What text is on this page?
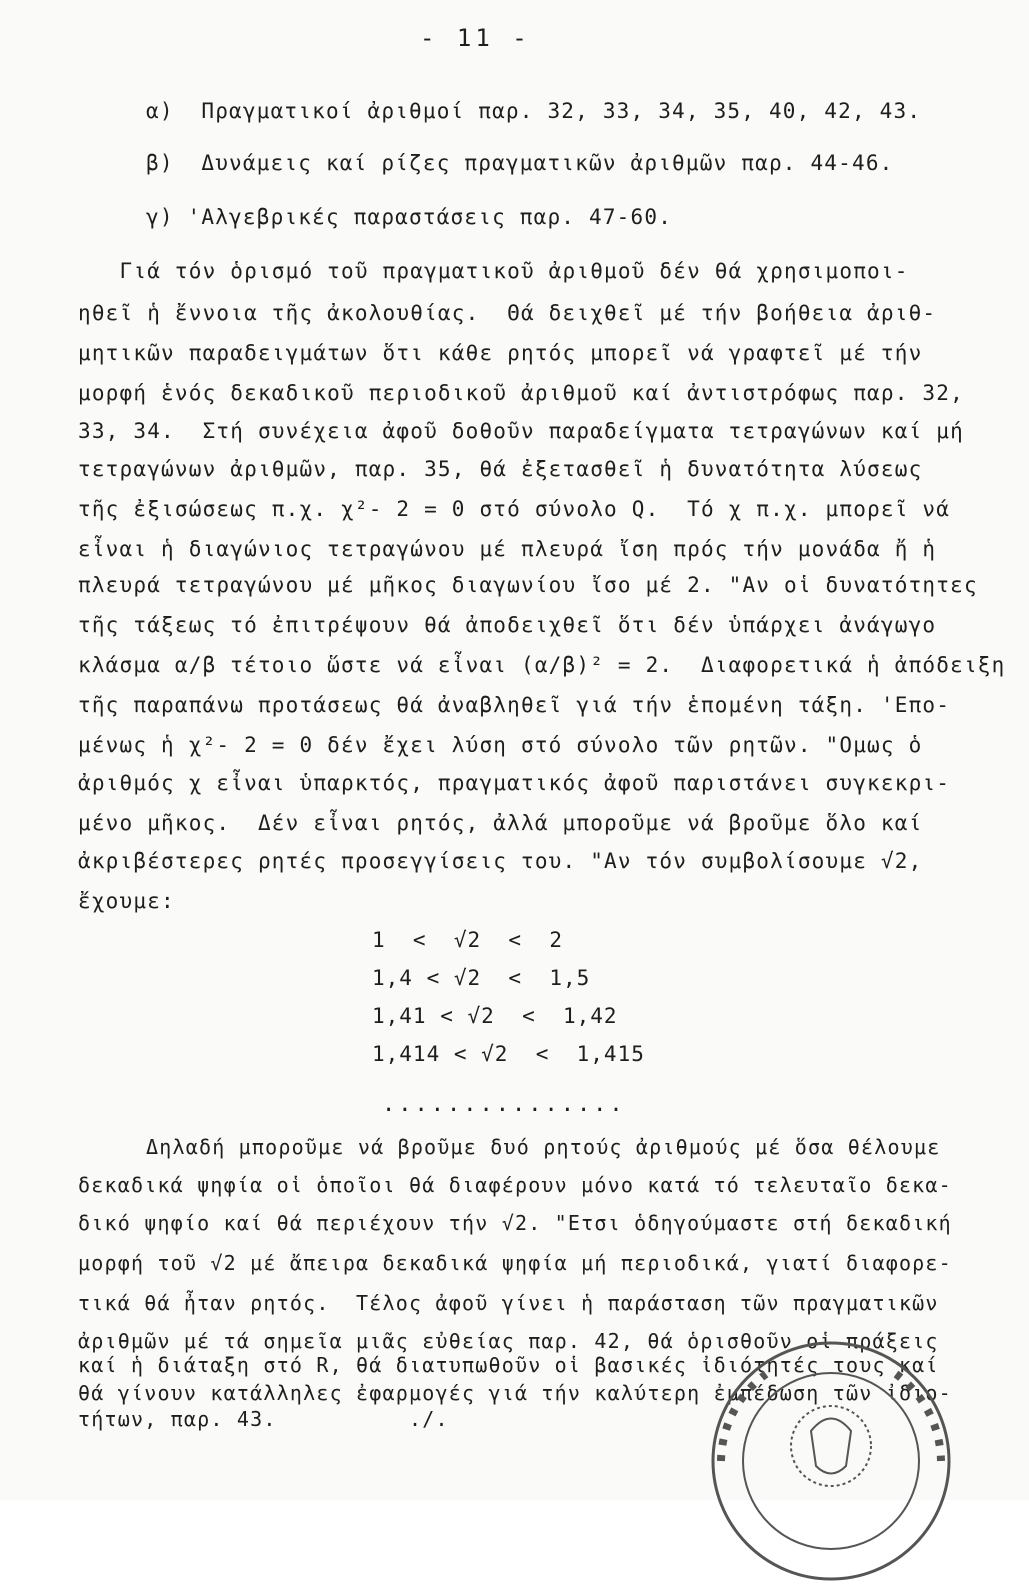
- 11 -
α)  Πραγματικοί ἀριθμοί παρ. 32, 33, 34, 35, 40, 42, 43.
β)  Δυνάμεις καί ρίζες πραγματικῶν ἀριθμῶν παρ. 44-46.
γ) 'Αλγεβρικές παραστάσεις παρ. 47-60.
Γιά τόν ὁρισμό τοῦ πραγματικοῦ ἀριθμοῦ δέν θά χρησιμοποι-
ηθεῖ ἡ ἔννοια τῆς ἀκολουθίας.  Θά δειχθεῖ μέ τήν βοήθεια ἀριθ-
μητικῶν παραδειγμάτων ὅτι κάθε ρητός μπορεῖ νά γραφτεῖ μέ τήν
μορφή ἑνός δεκαδικοῦ περιοδικοῦ ἀριθμοῦ καί ἀντιστρόφως παρ. 32,
33, 34.  Στή συνέχεια ἀφοῦ δοθοῦν παραδείγματα τετραγώνων καί μή
τετραγώνων ἀριθμῶν, παρ. 35, θά ἐξετασθεῖ ἡ δυνατότητα λύσεως
τῆς ἐξισώσεως π.χ. χ²- 2 = 0 στό σύνολο Q.  Τό χ π.χ. μπορεῖ νά
εἶναι ἡ διαγώνιος τετραγώνου μέ πλευρά ἴση πρός τήν μονάδα ἤ ἡ
πλευρά τετραγώνου μέ μῆκος διαγωνίου ἴσο μέ 2. "Αν οἱ δυνατότητες
τῆς τάξεως τό ἐπιτρέψουν θά ἀποδειχθεῖ ὅτι δέν ὑπάρχει ἀνάγωγο
κλάσμα α/β τέτοιο ὥστε νά εἶναι (α/β)² = 2.  Διαφορετικά ἡ ἀπόδειξη
τῆς παραπάνω προτάσεως θά ἀναβληθεῖ γιά τήν ἑπομένη τάξη. 'Επο-
μένως ἡ χ²- 2 = 0 δέν ἔχει λύση στό σύνολο τῶν ρητῶν. "Ομως ὁ
ἀριθμός χ εἶναι ὑπαρκτός, πραγματικός ἀφοῦ παριστάνει συγκεκρι-
μένο μῆκος.  Δέν εἶναι ρητός, ἀλλά μποροῦμε νά βροῦμε ὅλο καί
ἀκριβέστερες ρητές προσεγγίσεις του. "Αν τόν συμβολίσουμε √2,
ἔχουμε:
1  <  √2  <  2
1,4 < √2  <  1,5
1,41 < √2  <  1,42
1,414 < √2  <  1,415
...............
Δηλαδή μποροῦμε νά βροῦμε δυό ρητούς ἀριθμούς μέ ὅσα θέλουμε
δεκαδικά ψηφία οἱ ὁποῖοι θά διαφέρουν μόνο κατά τό τελευταῖο δεκα-
δικό ψηφίο καί θά περιέχουν τήν √2. "Ετσι ὁδηγούμαστε στή δεκαδική
μορφή τοῦ √2 μέ ἄπειρα δεκαδικά ψηφία μή περιοδικά, γιατί διαφορε-
τικά θά ἦταν ρητός.  Τέλος ἀφοῦ γίνει ἡ παράσταση τῶν πραγματικῶν
ἀριθμῶν μέ τά σημεῖα μιᾶς εὐθείας παρ. 42, θά ὁρισθοῦν οἱ πράξεις
καί ἡ διάταξη στό R, θά διατυπωθοῦν οἱ βασικές ἰδιότητές τους καί
θά γίνουν κατάλληλες ἐφαρμογές γιά τήν καλύτερη ἐμπέδωση τῶν ἰδιο-
τήτων, παρ. 43.          ./.
